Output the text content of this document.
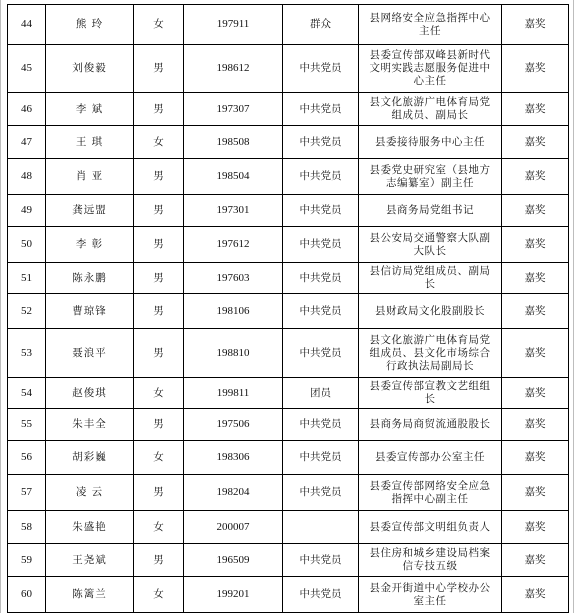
44	熊 玲	女	197911	群众	县网络安全应急指挥中心主任	嘉奖
45	刘俊毅	男	198612	中共党员	县委宣传部双峰县新时代文明实践志愿服务促进中心主任	嘉奖
46	李 斌	男	197307	中共党员	县文化旅游广电体育局党组成员、副局长	嘉奖
47	王 琪	女	198508	中共党员	县委接待服务中心主任	嘉奖
48	肖 亚	男	198504	中共党员	县委党史研究室（县地方志编纂室）副主任	嘉奖
49	龚远盟	男	197301	中共党员	县商务局党组书记	嘉奖
50	李 彰	男	197612	中共党员	县公安局交通警察大队副大队长	嘉奖
51	陈永鹏	男	197603	中共党员	县信访局党组成员、副局长	嘉奖
52	曹琼锋	男	198106	中共党员	县财政局文化股副股长	嘉奖
53	聂浪平	男	198810	中共党员	县文化旅游广电体育局党组成员、县文化市场综合行政执法局副局长	嘉奖
54	赵俊琪	女	199811	团员	县委宣传部宣教文艺组组长	嘉奖
55	朱丰全	男	197506	中共党员	县商务局商贸流通股股长	嘉奖
56	胡彩巍	女	198306	中共党员	县委宣传部办公室主任	嘉奖
57	凌 云	男	198204	中共党员	县委宣传部网络安全应急指挥中心副主任	嘉奖
58	朱盛艳	女	200007		县委宣传部文明组负责人	嘉奖
59	王尧斌	男	196509	中共党员	县住房和城乡建设局档案信专技五级	嘉奖
60	陈篱兰	女	199201	中共党员	县金开街道中心学校办公室主任	嘉奖
